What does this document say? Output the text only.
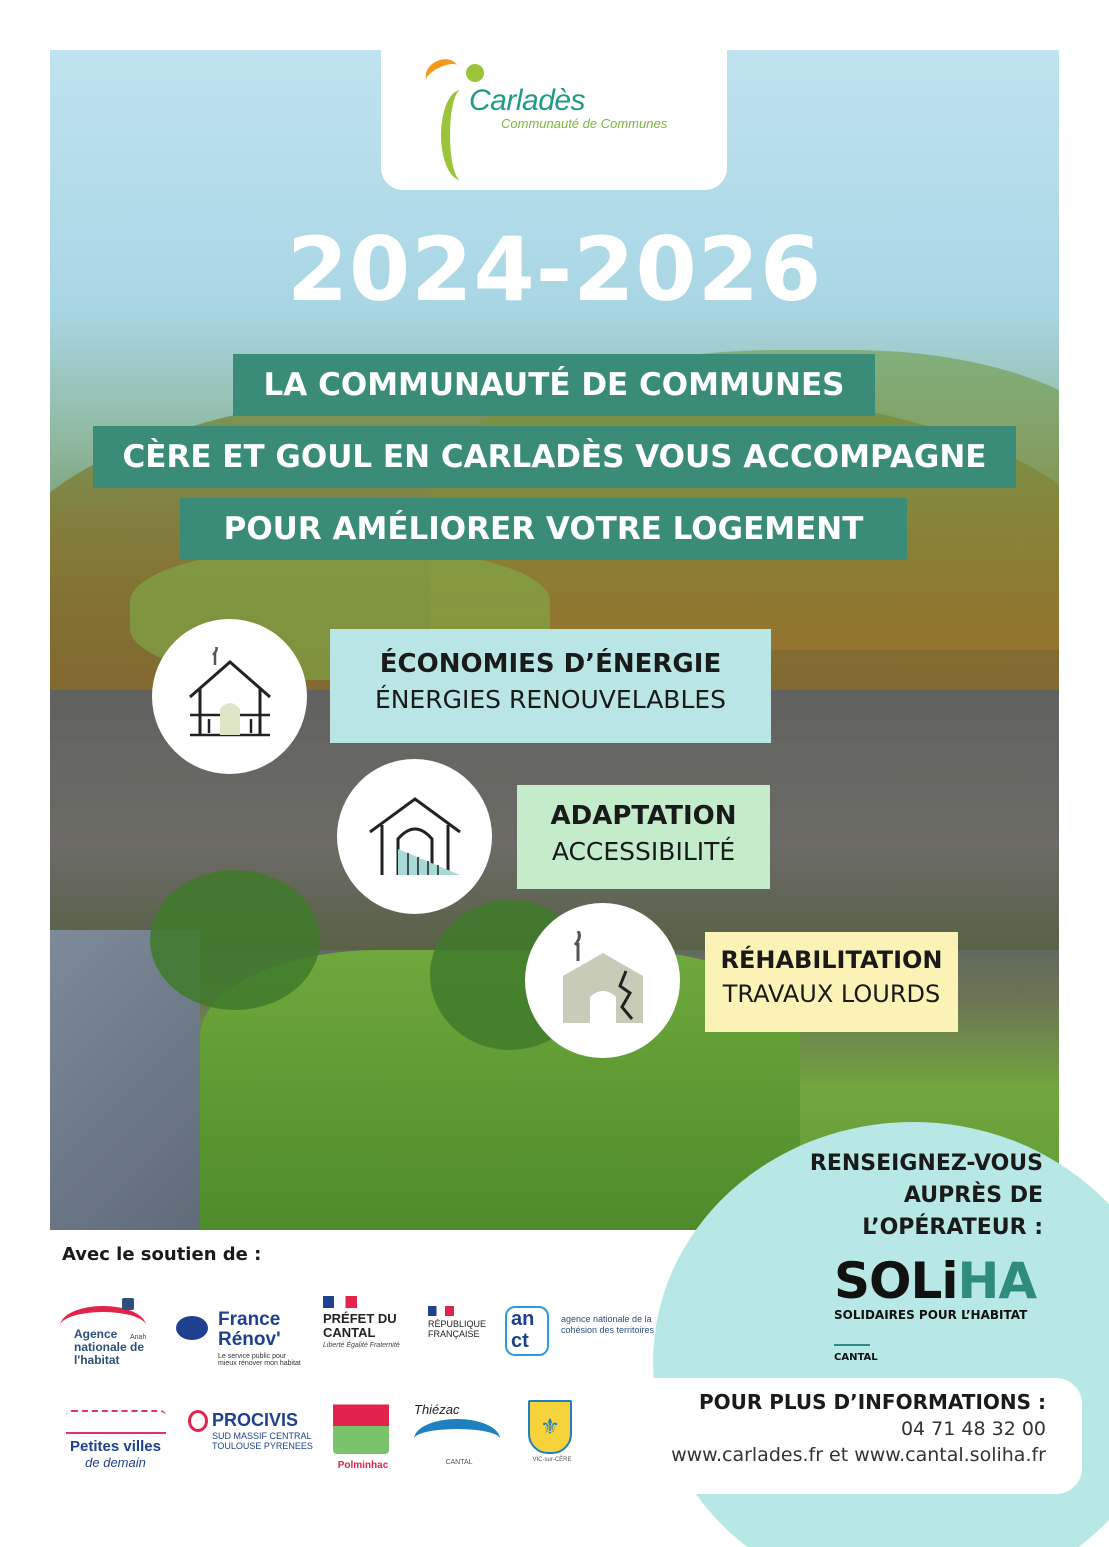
Carladès
Communauté de Communes
2024-2026
LA COMMUNAUTÉ DE COMMUNES
CÈRE ET GOUL EN CARLADÈS VOUS ACCOMPAGNE
POUR AMÉLIORER VOTRE LOGEMENT
ÉCONOMIES D’ÉNERGIE
ÉNERGIES RENOUVELABLES
ADAPTATION
ACCESSIBILITÉ
RÉHABILITATION
TRAVAUX LOURDS
RENSEIGNEZ-VOUS
AUPRÈS DE
L’OPÉRATEUR :
SOLiHA
SOLIDAIRES POUR L’HABITAT
CANTAL
POUR PLUS D’INFORMATIONS :
04 71 48 32 00
www.carlades.fr et www.cantal.soliha.fr
Avec le soutien de :
Agence nationale de l'habitat
Anah
France Rénov'
Le service public pour mieux rénover mon habitat
PRÉFET DU CANTAL
Liberté Égalité Fraternité
RÉPUBLIQUE FRANÇAISE
an ct
agence nationale de la cohésion des territoires
Petites villes
de demain
PROCIVIS
SUD MASSIF CENTRAL TOULOUSE PYRENEES
Polminhac
Thiézac
CANTAL
⚜
VIC-sur-CÈRE
